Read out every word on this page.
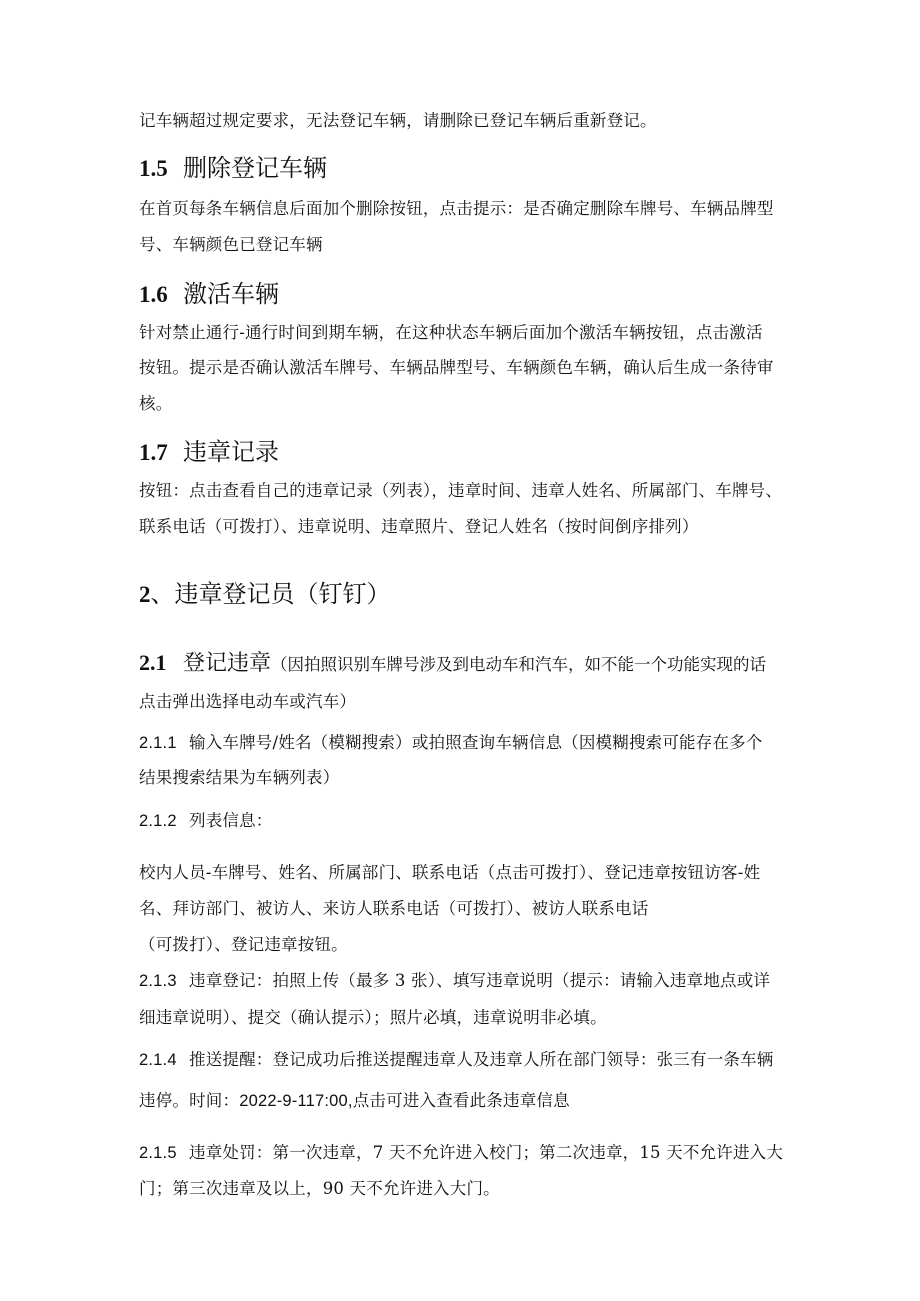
记车辆超过规定要求，无法登记车辆，请删除已登记车辆后重新登记。
1.5 删除登记车辆
在首页每条车辆信息后面加个删除按钮，点击提示：是否确定删除车牌号、车辆品牌型
号、车辆颜色已登记车辆
1.6 激活车辆
针对禁止通行-通行时间到期车辆，在这种状态车辆后面加个激活车辆按钮，点击激活
按钮。提示是否确认激活车牌号、车辆品牌型号、车辆颜色车辆，确认后生成一条待审
核。
1.7 违章记录
按钮：点击查看自己的违章记录（列表），违章时间、违章人姓名、所属部门、车牌号、
联系电话（可拨打）、违章说明、违章照片、登记人姓名（按时间倒序排列）
2、违章登记员（钉钉）
2.1 登记违章（因拍照识别车牌号涉及到电动车和汽车，如不能一个功能实现的话
点击弹出选择电动车或汽车）
2.1.1 输入车牌号/姓名（模糊搜索）或拍照查询车辆信息（因模糊搜索可能存在多个
结果搜索结果为车辆列表）
2.1.2 列表信息：
校内人员-车牌号、姓名、所属部门、联系电话（点击可拨打）、登记违章按钮访客-姓
名、拜访部门、被访人、来访人联系电话（可拨打）、被访人联系电话
（可拨打）、登记违章按钮。
2.1.3 违章登记：拍照上传（最多 3 张）、填写违章说明（提示：请输入违章地点或详
细违章说明）、提交（确认提示）；照片必填，违章说明非必填。
2.1.4 推送提醒：登记成功后推送提醒违章人及违章人所在部门领导：张三有一条车辆
违停。时间：2022-9-117:00,点击可进入查看此条违章信息
2.1.5 违章处罚：第一次违章，7 天不允许进入校门；第二次违章，15 天不允许进入大
门；第三次违章及以上，90 天不允许进入大门。
